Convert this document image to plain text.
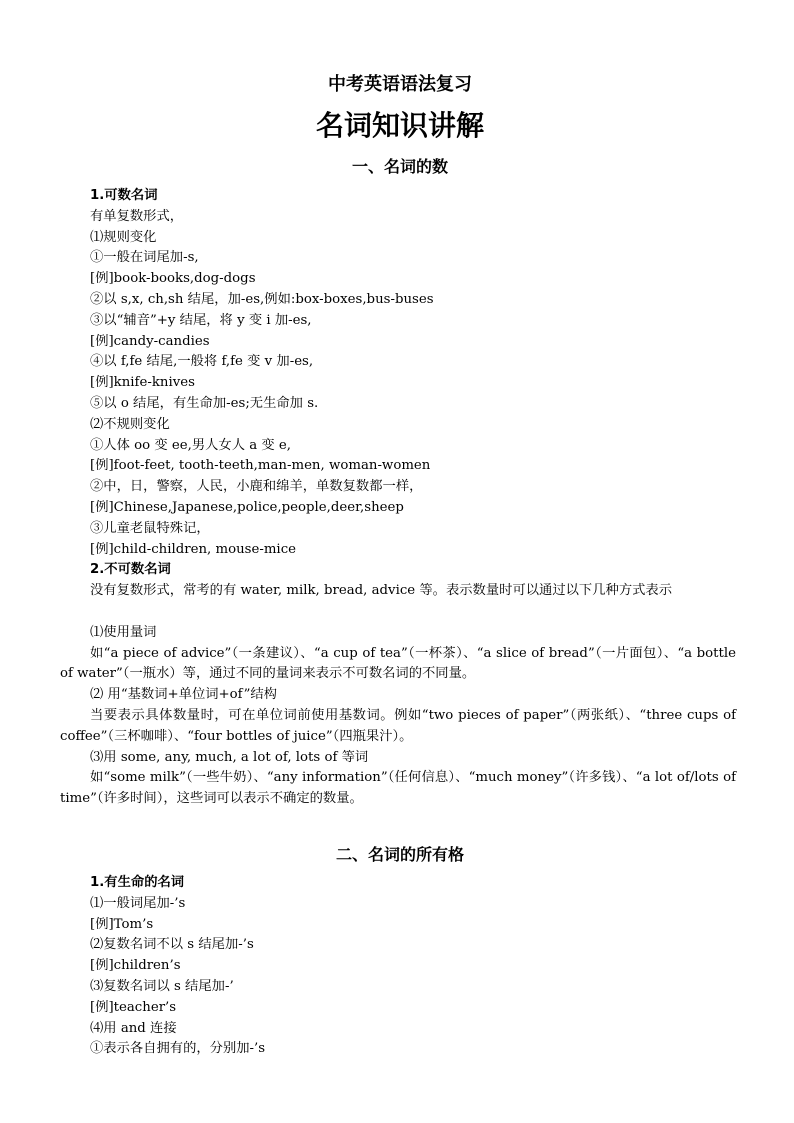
中考英语语法复习
名词知识讲解
一、名词的数
1.可数名词
有单复数形式，
⑴规则变化
①一般在词尾加-s,
[例]book-books,dog-dogs
②以 s,x, ch,sh 结尾，加-es,例如:box-boxes,bus-buses
③以“辅音”+y 结尾，将 y 变 i 加-es,
[例]candy-candies
④以 f,fe 结尾,一般将 f,fe 变 v 加-es,
[例]knife-knives
⑤以 o 结尾，有生命加-es;无生命加 s.
⑵不规则变化
①人体 oo 变 ee,男人女人 a 变 e,
[例]foot-feet, tooth-teeth,man-men, woman-women
②中，日，警察，人民，小鹿和绵羊，单数复数都一样，
[例]Chinese,Japanese,police,people,deer,sheep
③儿童老鼠特殊记，
[例]child-children, mouse-mice
2.不可数名词
没有复数形式，常考的有 water, milk, bread, advice 等。表示数量时可以通过以下几种方式表示
⑴使用量词
如“a piece of advice”（一条建议）、“a cup of tea”（一杯茶）、“a slice of bread”（一片面包）、“a bottle of water”（一瓶水）等，通过不同的量词来表示不可数名词的不同量。
⑵ 用“基数词+单位词+of”结构
当要表示具体数量时，可在单位词前使用基数词。例如“two pieces of paper”（两张纸）、“three cups of coffee”（三杯咖啡）、“four bottles of juice”（四瓶果汁）。
⑶用 some, any, much, a lot of, lots of 等词
如“some milk”（一些牛奶）、“any information”（任何信息）、“much money”（许多钱）、“a lot of/lots of time”（许多时间），这些词可以表示不确定的数量。
二、名词的所有格
1.有生命的名词
⑴一般词尾加-’s
[例]Tom’s
⑵复数名词不以 s 结尾加-’s
[例]children’s
⑶复数名词以 s 结尾加-’
[例]teacher’s
⑷用 and 连接
①表示各自拥有的，分别加-’s
